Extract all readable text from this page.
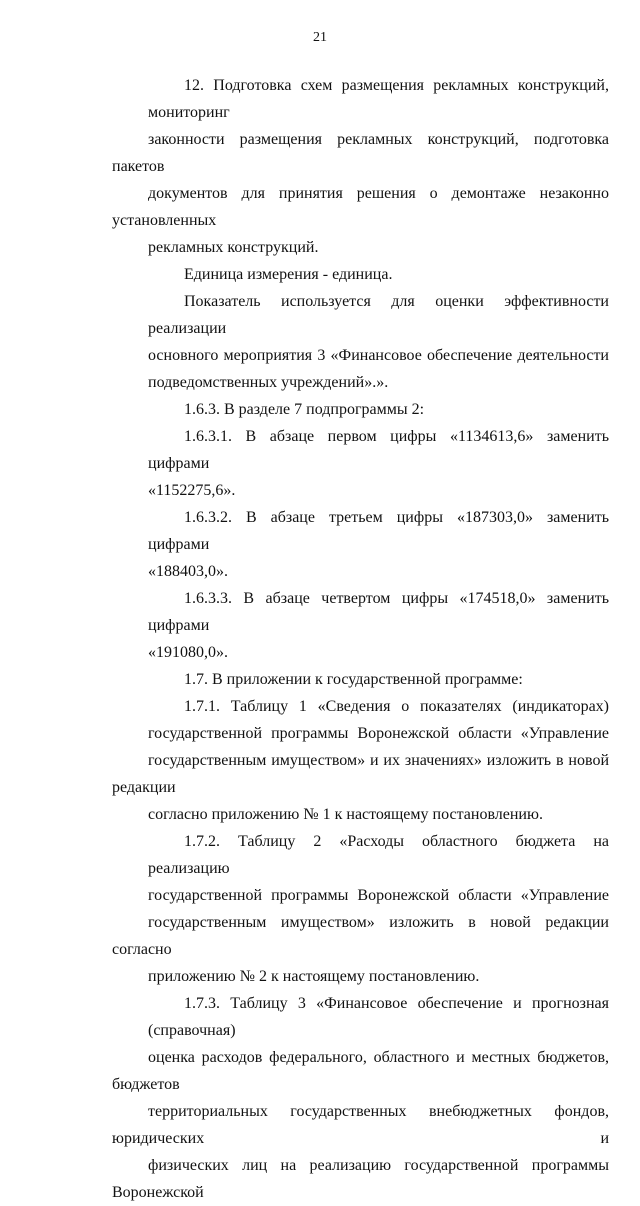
21
12. Подготовка схем размещения рекламных конструкций, мониторинг
законности размещения рекламных конструкций, подготовка пакетов
документов для принятия решения о демонтаже незаконно установленных
рекламных конструкций.
Единица измерения - единица.
Показатель используется для оценки эффективности реализации
основного мероприятия 3 «Финансовое обеспечение деятельности
подведомственных учреждений».».
1.6.3. В разделе 7 подпрограммы 2:
1.6.3.1. В абзаце первом цифры «1134613,6» заменить цифрами
«1152275,6».
1.6.3.2. В абзаце третьем цифры «187303,0» заменить цифрами
«188403,0».
1.6.3.3. В абзаце четвертом цифры «174518,0» заменить цифрами
«191080,0».
1.7. В приложении к государственной программе:
1.7.1. Таблицу 1 «Сведения о показателях (индикаторах)
государственной программы Воронежской области «Управление
государственным имуществом» и их значениях» изложить в новой редакции
согласно приложению № 1 к настоящему постановлению.
1.7.2. Таблицу 2 «Расходы областного бюджета на реализацию
государственной программы Воронежской области «Управление
государственным имуществом» изложить в новой редакции согласно
приложению № 2 к настоящему постановлению.
1.7.3. Таблицу 3 «Финансовое обеспечение и прогнозная (справочная)
оценка расходов федерального, областного и местных бюджетов, бюджетов
территориальных государственных внебюджетных фондов, юридических и
физических лиц на реализацию государственной программы Воронежской
